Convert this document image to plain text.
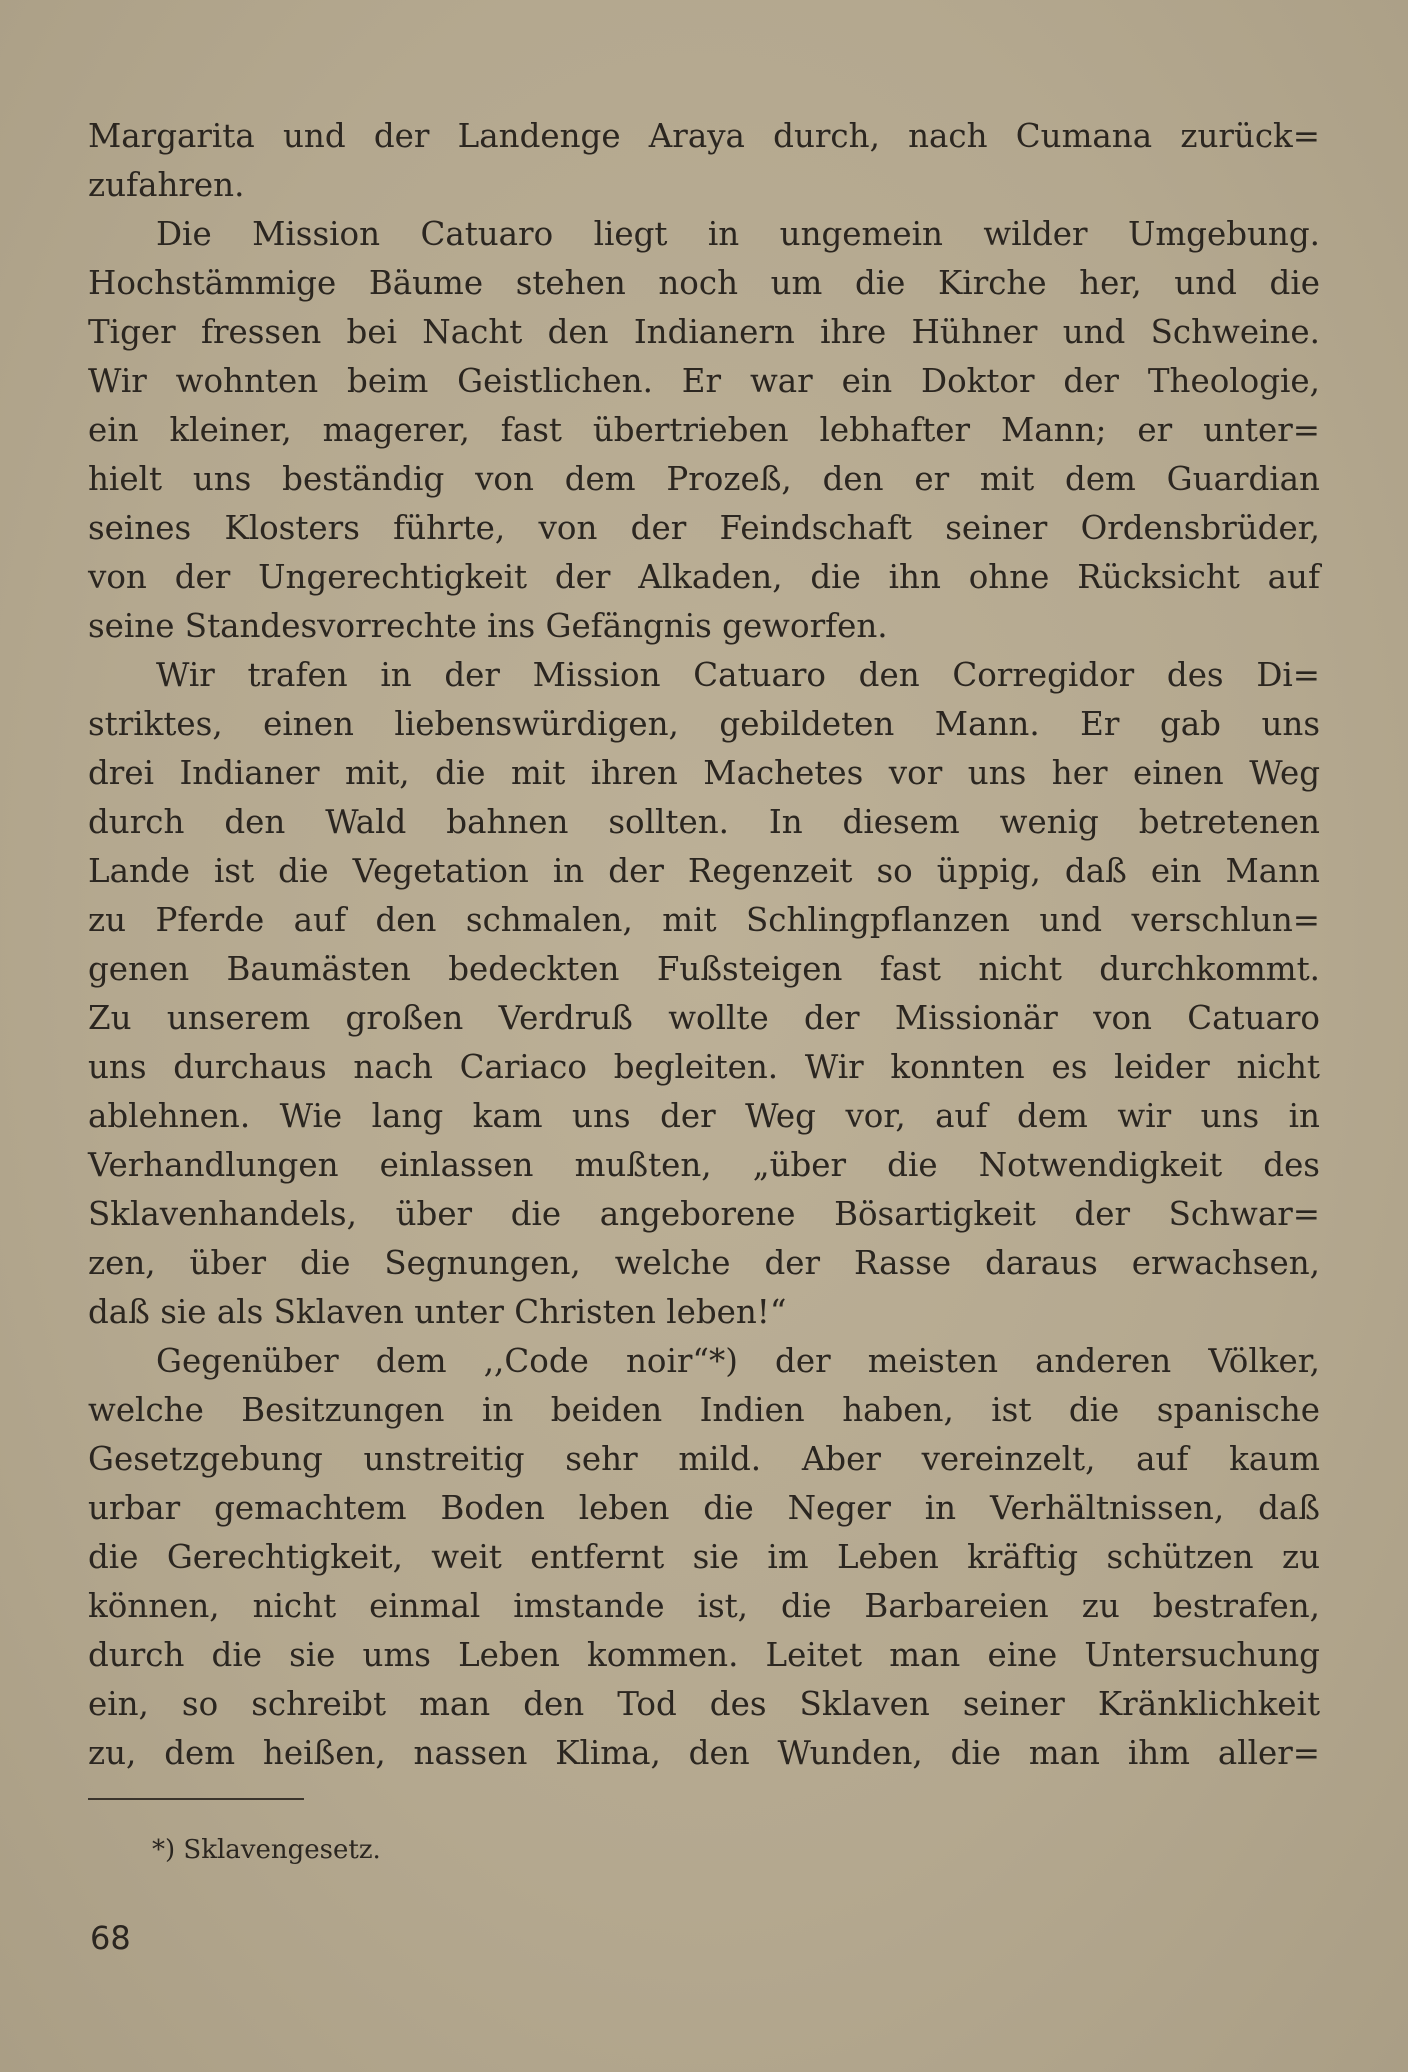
Margarita und der Landenge Araya durch, nach Cumana zurück=
zufahren.
Die Mission Catuaro liegt in ungemein wilder Umgebung.
Hochstämmige Bäume stehen noch um die Kirche her, und die
Tiger fressen bei Nacht den Indianern ihre Hühner und Schweine.
Wir wohnten beim Geistlichen. Er war ein Doktor der Theologie,
ein kleiner, magerer, fast übertrieben lebhafter Mann; er unter=
hielt uns beständig von dem Prozeß, den er mit dem Guardian
seines Klosters führte, von der Feindschaft seiner Ordensbrüder,
von der Ungerechtigkeit der Alkaden, die ihn ohne Rücksicht auf
seine Standesvorrechte ins Gefängnis geworfen.
Wir trafen in der Mission Catuaro den Corregidor des Di=
striktes, einen liebenswürdigen, gebildeten Mann. Er gab uns
drei Indianer mit, die mit ihren Machetes vor uns her einen Weg
durch den Wald bahnen sollten. In diesem wenig betretenen
Lande ist die Vegetation in der Regenzeit so üppig, daß ein Mann
zu Pferde auf den schmalen, mit Schlingpflanzen und verschlun=
genen Baumästen bedeckten Fußsteigen fast nicht durchkommt.
Zu unserem großen Verdruß wollte der Missionär von Catuaro
uns durchaus nach Cariaco begleiten. Wir konnten es leider nicht
ablehnen. Wie lang kam uns der Weg vor, auf dem wir uns in
Verhandlungen einlassen mußten, „über die Notwendigkeit des
Sklavenhandels, über die angeborene Bösartigkeit der Schwar=
zen, über die Segnungen, welche der Rasse daraus erwachsen,
daß sie als Sklaven unter Christen leben!“
Gegenüber dem ,,Code noir“*) der meisten anderen Völker,
welche Besitzungen in beiden Indien haben, ist die spanische
Gesetzgebung unstreitig sehr mild. Aber vereinzelt, auf kaum
urbar gemachtem Boden leben die Neger in Verhältnissen, daß
die Gerechtigkeit, weit entfernt sie im Leben kräftig schützen zu
können, nicht einmal imstande ist, die Barbareien zu bestrafen,
durch die sie ums Leben kommen. Leitet man eine Untersuchung
ein, so schreibt man den Tod des Sklaven seiner Kränklichkeit
zu, dem heißen, nassen Klima, den Wunden, die man ihm aller=
*) Sklavengesetz.
68
